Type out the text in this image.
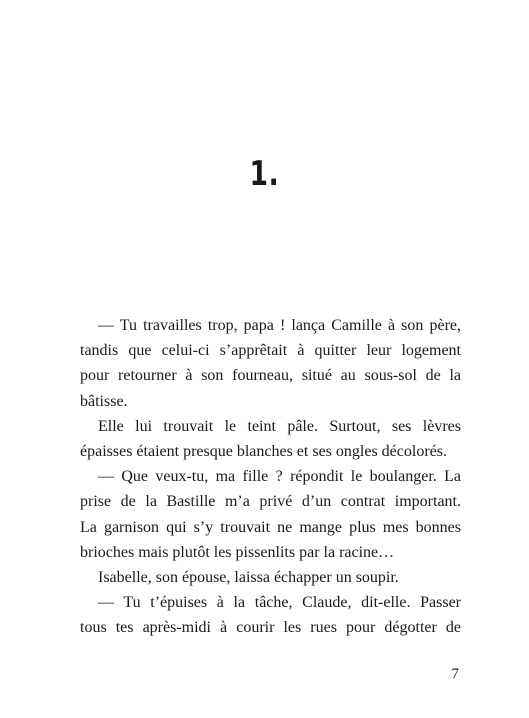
1.
— Tu travailles trop, papa ! lança Camille à son père,
tandis que celui-ci s’apprêtait à quitter leur logement
pour retourner à son fourneau, situé au sous-sol de la
bâtisse.
Elle lui trouvait le teint pâle. Surtout, ses lèvres
épaisses étaient presque blanches et ses ongles décolorés.
— Que veux-tu, ma fille ? répondit le boulanger. La
prise de la Bastille m’a privé d’un contrat important.
La garnison qui s’y trouvait ne mange plus mes bonnes
brioches mais plutôt les pissenlits par la racine…
Isabelle, son épouse, laissa échapper un soupir.
— Tu t’épuises à la tâche, Claude, dit-elle. Passer
tous tes après-midi à courir les rues pour dégotter de
7
